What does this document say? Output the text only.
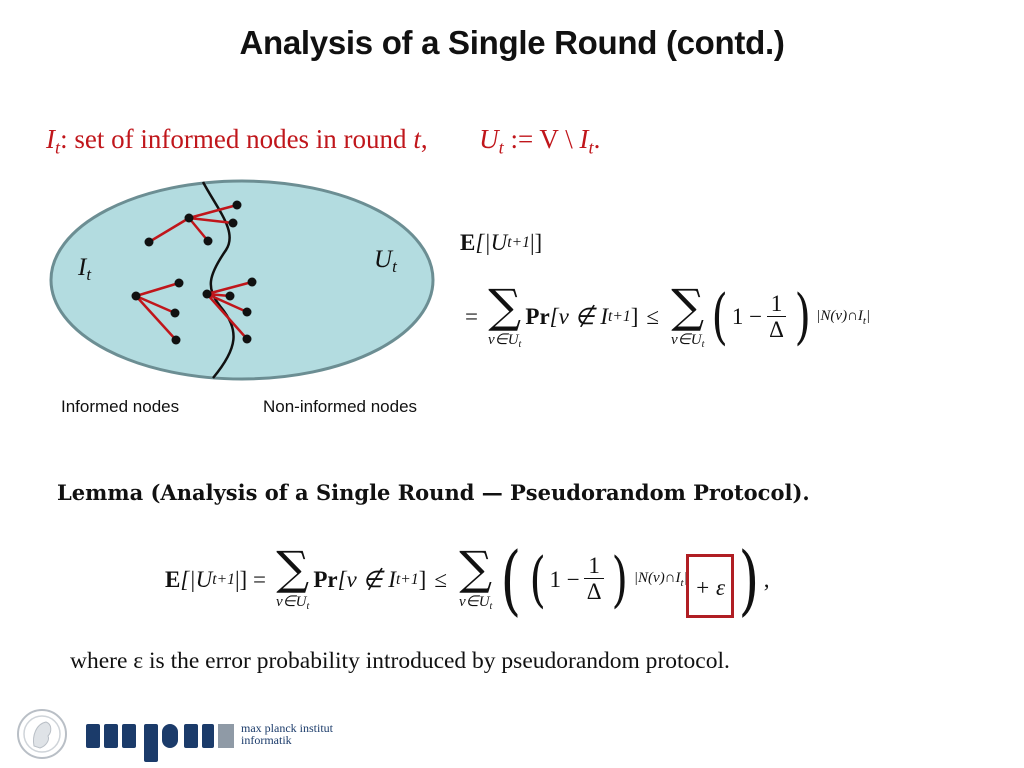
Analysis of a Single Round (contd.)
$I_t$: set of informed nodes in round t, $U_t$ := V \ $I_t$.
$I_t$
$U_t$
Informed nodes	Non-informed nodes
E [|U t+1 |]
= ∑
$v\in U_t$
Pr [v ∉ I t+1 ] ≤ ∑
$v\in U_t$ ( $1 - \frac{1}{\Delta}$ ) $|N(v)\cap I_t|$
Lemma (Analysis of a Single Round — Pseudorandom Protocol).
E [|U t+1 |] = ∑
$v\in U_t$
Pr [v ∉ I t+1 ] ≤ ∑
$v\in U_t$ ( ( $1 - \frac{1}{\Delta}$ ) $|N(v)\cap I_t| + \varepsilon$ ) ,
where ε is the error probability introduced by pseudorandom protocol.
max planck institut
informatik
